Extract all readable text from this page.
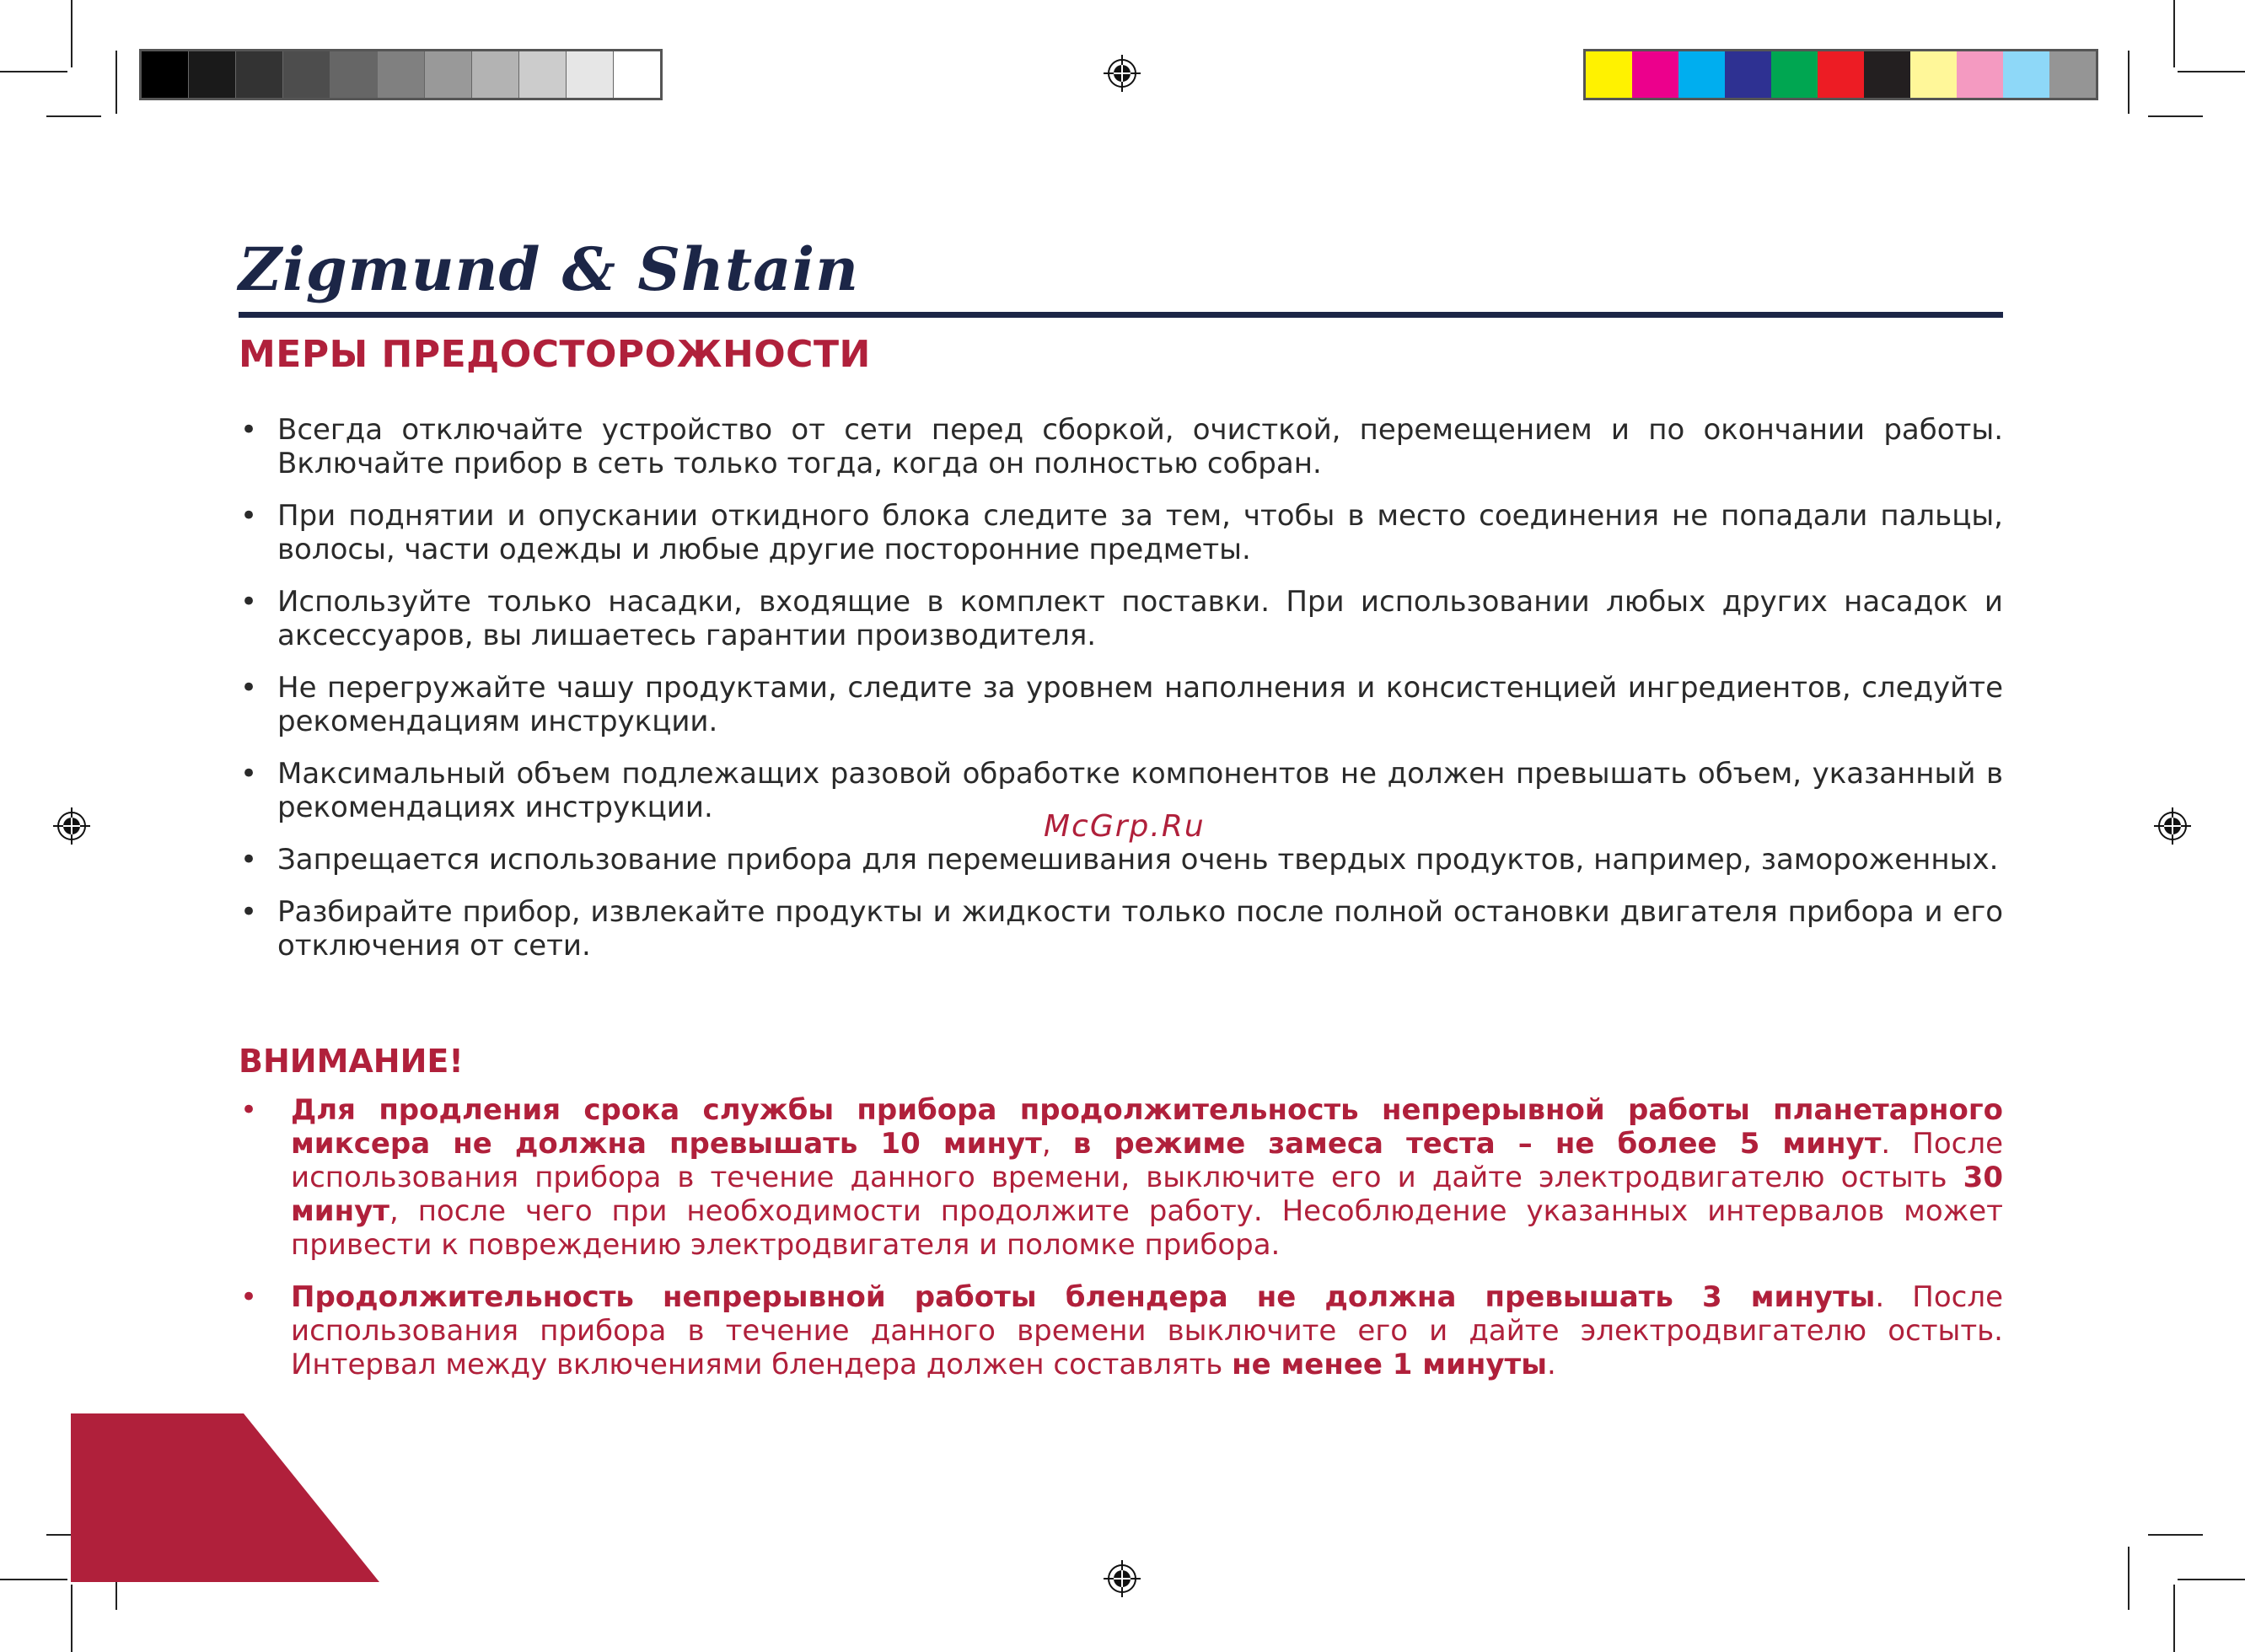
Zigmund & Shtain
МЕРЫ ПРЕДОСТОРОЖНОСТИ
• Всегда отключайте устройство от сети перед сборкой, очисткой, перемещением и по окончании работы. Включайте прибор в сеть только тогда, когда он полностью собран.
• При поднятии и опускании откидного блока следите за тем, чтобы в место соединения не попадали пальцы, волосы, части одежды и любые другие посторонние предметы.
• Используйте только насадки, входящие в комплект поставки. При использовании любых других насадок и аксессуаров, вы лишаетесь гарантии производителя.
• Не перегружайте чашу продуктами, следите за уровнем наполнения и консистенцией ингредиентов, следуйте рекомендациям инструкции.
• Максимальный объем подлежащих разовой обработке компонентов не должен превышать объем, указанный в рекомендациях инструкции.
• Запрещается использование прибора для перемешивания очень твердых продуктов, например, замороженных.
• Разбирайте прибор, извлекайте продукты и жидкости только после полной остановки двигателя прибора и его отключения от сети.
McGrp.Ru
ВНИМАНИЕ!
• Для продления срока службы прибора продолжительность непрерывной работы планетарного миксера не должна превышать 10 минут, в режиме замеса теста – не более 5 минут. После использования прибора в течение данного времени, выключите его и дайте электродвигателю остыть 30 минут, после чего при необходимости продолжите работу. Несоблюдение указанных интервалов может привести к повреждению электродвигателя и поломке прибора.
• Продолжительность непрерывной работы блендера не должна превышать 3 минуты. После использования прибора в течение данного времени выключите его и дайте электродвигателю остыть. Интервал между включениями блендера должен составлять не менее 1 минуты.
